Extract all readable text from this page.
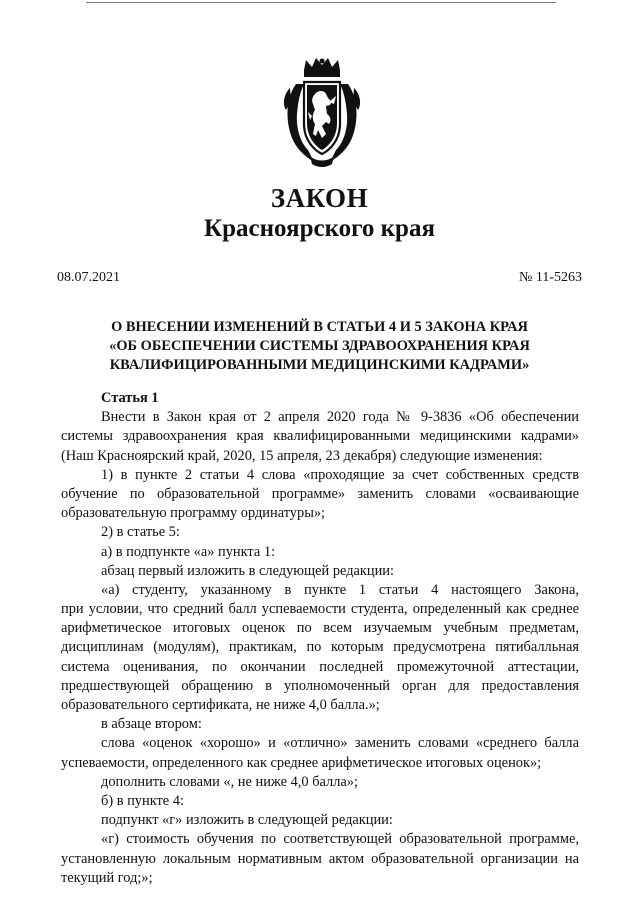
ЗАКОН
Красноярского края
08.07.2021	№ 11-5263
О ВНЕСЕНИИ ИЗМЕНЕНИЙ В СТАТЬИ 4 И 5 ЗАКОНА КРАЯ
«ОБ ОБЕСПЕЧЕНИИ СИСТЕМЫ ЗДРАВООХРАНЕНИЯ КРАЯ
КВАЛИФИЦИРОВАННЫМИ МЕДИЦИНСКИМИ КАДРАМИ»
Статья 1
Внести в Закон края от 2 апреля 2020 года № 9-3836 «Об обеспечении
системы здравоохранения края квалифицированными медицинскими кадрами»
(Наш Красноярский край, 2020, 15 апреля, 23 декабря) следующие изменения:
1) в пункте 2 статьи 4 слова «проходящие за счет собственных средств
обучение по образовательной программе» заменить словами «осваивающие
образовательную программу ординатуры»;
2) в статье 5:
а) в подпункте «а» пункта 1:
абзац первый изложить в следующей редакции:
«а) студенту, указанному в пункте 1 статьи 4 настоящего Закона,
при условии, что средний балл успеваемости студента, определенный как среднее
арифметическое итоговых оценок по всем изучаемым учебным предметам,
дисциплинам (модулям), практикам, по которым предусмотрена пятибалльная
система оценивания, по окончании последней промежуточной аттестации,
предшествующей обращению в уполномоченный орган для предоставления
образовательного сертификата, не ниже 4,0 балла.»;
в абзаце втором:
слова «оценок «хорошо» и «отлично» заменить словами «среднего балла
успеваемости, определенного как среднее арифметическое итоговых оценок»;
дополнить словами «, не ниже 4,0 балла»;
б) в пункте 4:
подпункт «г» изложить в следующей редакции:
«г) стоимость обучения по соответствующей образовательной программе,
установленную локальным нормативным актом образовательной организации на
текущий год;»;
